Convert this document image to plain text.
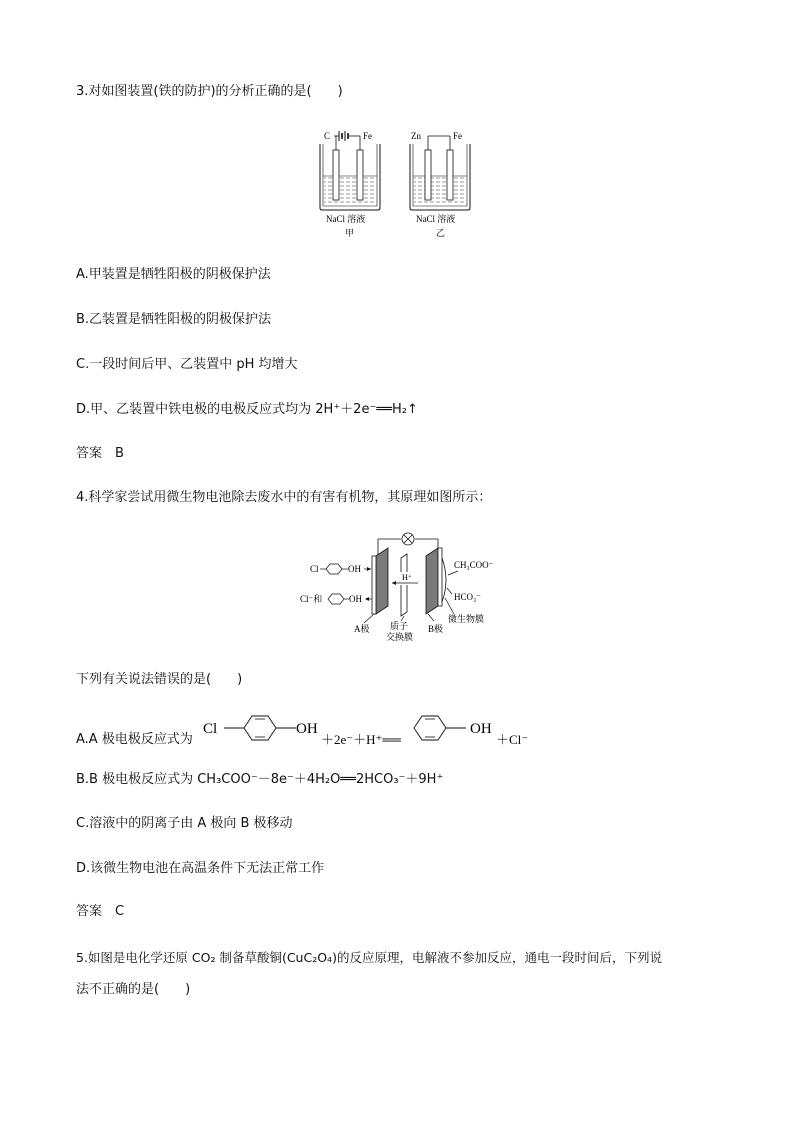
3.对如图装置(铁的防护)的分析正确的是(　　)
C	Fe
NaCl 溶液
甲
Zn	Fe
NaCl 溶液
乙
A.甲装置是牺牲阳极的阴极保护法
B.乙装置是牺牲阳极的阴极保护法
C.一段时间后甲、乙装置中 pH 均增大
D.甲、乙装置中铁电极的电极反应式均为 2H⁺＋2e⁻══H₂↑
答案　B
4.科学家尝试用微生物电池除去废水中的有害有机物，其原理如图所示：
H⁺
Cl	OH
Cl⁻和	OH
CH₃COO⁻
HCO₃⁻
微生物膜
A极 质子
交换膜
B极
下列有关说法错误的是(　　)
A.A 极电极反应式为
Cl	OH
＋2e⁻＋H⁺══
OH
＋Cl⁻
B.B 极电极反应式为 CH₃COO⁻－8e⁻＋4H₂O══2HCO₃⁻＋9H⁺
C.溶液中的阴离子由 A 极向 B 极移动
D.该微生物电池在高温条件下无法正常工作
答案　C
5.如图是电化学还原 CO₂ 制备草酸铜(CuC₂O₄)的反应原理，电解液不参加反应，通电一段时间后，下列说
法不正确的是(　　)
